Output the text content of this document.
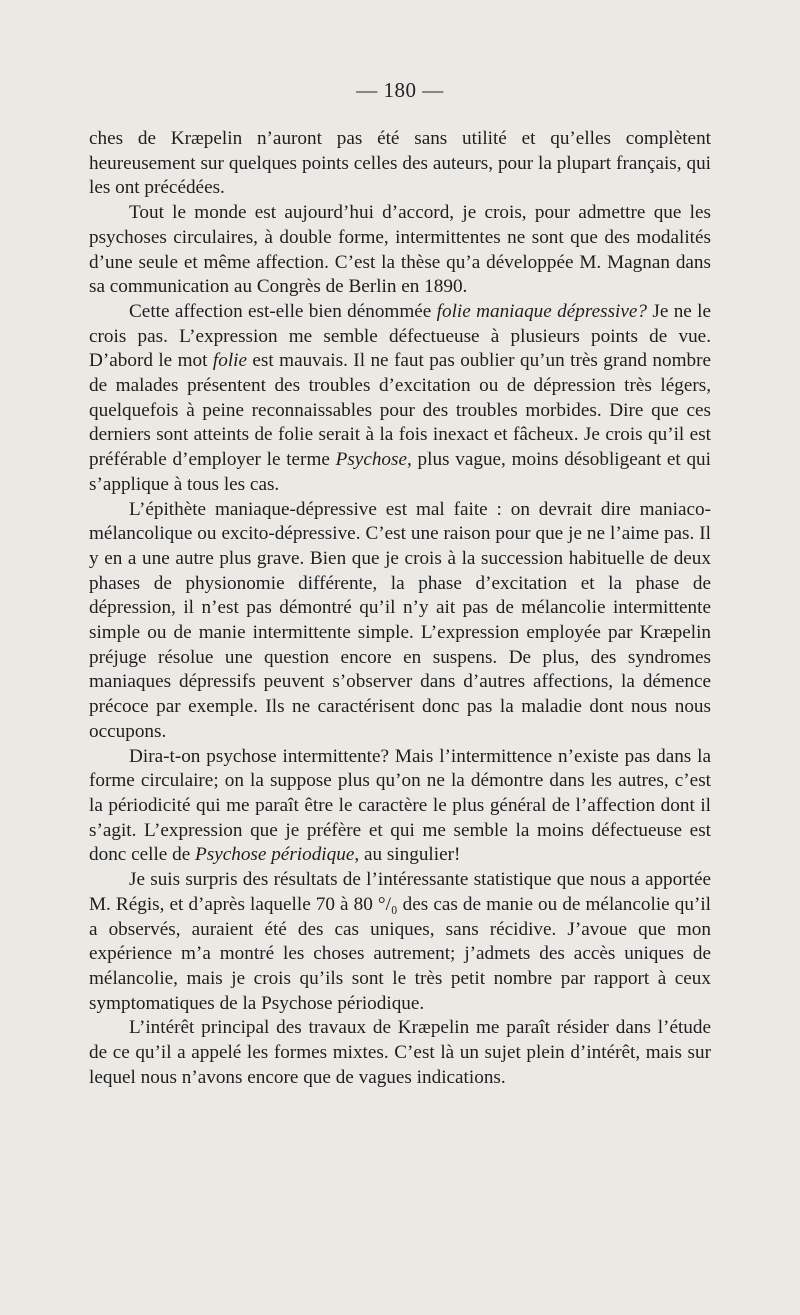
— 180 —

ches de Kræpelin n’auront pas été sans utilité et qu’elles complètent heureusement sur quelques points celles des auteurs, pour la plupart français, qui les ont précédées.

Tout le monde est aujourd’hui d’accord, je crois, pour admettre que les psychoses circulaires, à double forme, intermittentes ne sont que des modalités d’une seule et même affection. C’est la thèse qu’a développée M. Magnan dans sa communication au Congrès de Berlin en 1890.

Cette affection est-elle bien dénommée folie maniaque dépressive? Je ne le crois pas. L’expression me semble défectueuse à plusieurs points de vue. D’abord le mot folie est mauvais. Il ne faut pas oublier qu’un très grand nombre de malades présentent des troubles d’excitation ou de dépression très légers, quelquefois à peine reconnaissables pour des troubles morbides. Dire que ces derniers sont atteints de folie serait à la fois inexact et fâcheux. Je crois qu’il est préférable d’employer le terme Psychose, plus vague, moins désobligeant et qui s’applique à tous les cas.

L’épithète maniaque-dépressive est mal faite : on devrait dire maniaco-mélancolique ou excito-dépressive. C’est une raison pour que je ne l’aime pas. Il y en a une autre plus grave. Bien que je crois à la succession habituelle de deux phases de physionomie différente, la phase d’excitation et la phase de dépression, il n’est pas démontré qu’il n’y ait pas de mélancolie intermittente simple ou de manie intermittente simple. L’expression employée par Kræpelin préjuge résolue une question encore en suspens. De plus, des syndromes maniaques dépressifs peuvent s’observer dans d’autres affections, la démence précoce par exemple. Ils ne caractérisent donc pas la maladie dont nous nous occupons.

Dira-t-on psychose intermittente? Mais l’intermittence n’existe pas dans la forme circulaire; on la suppose plus qu’on ne la démontre dans les autres, c’est la périodicité qui me paraît être le caractère le plus général de l’affection dont il s’agit. L’expression que je préfère et qui me semble la moins défectueuse est donc celle de Psychose périodique, au singulier!

Je suis surpris des résultats de l’intéressante statistique que nous a apportée M. Régis, et d’après laquelle 70 à 80 °/₀ des cas de manie ou de mélancolie qu’il a observés, auraient été des cas uniques, sans récidive. J’avoue que mon expérience m’a montré les choses autrement; j’admets des accès uniques de mélancolie, mais je crois qu’ils sont le très petit nombre par rapport à ceux symptomatiques de la Psychose périodique.

L’intérêt principal des travaux de Kræpelin me paraît résider dans l’étude de ce qu’il a appelé les formes mixtes. C’est là un sujet plein d’intérêt, mais sur lequel nous n’avons encore que de vagues indications.
